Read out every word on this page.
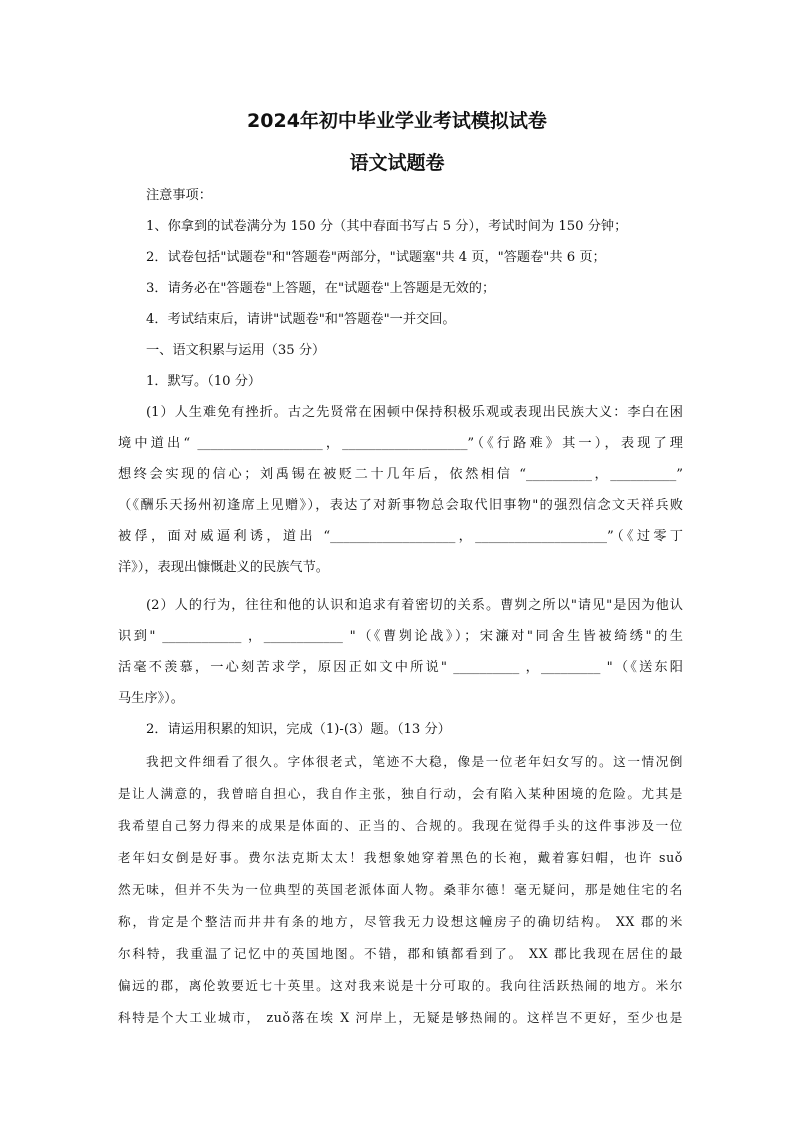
2024年初中毕业学业考试模拟试卷
语文试题卷
注意事项：
1、你拿到的试卷满分为 150 分（其中春面书写占 5 分），考试时间为 150 分钟；
2．试卷包括"试题卷"和"答题卷"两部分，"试题塞"共 4 页，"答题卷"共 6 页；
3．请务必在"答题卷"上答题，在"试题卷"上答题是无效的；
4．考试结束后，请讲"试题卷"和"答题卷"一并交回。
一、语文积累与运用（35 分）
1．默写。（10 分）
(1）人生难免有挫折。古之先贤常在困顿中保持积极乐观或表现出民族大义：李白在困
境中道出“ ___________________，___________________”（《行路难》其一），表现了理
想终会实现的信心；刘禹锡在被贬二十几年后，依然相信 “__________，__________”
（《酬乐天扬州初逢席上见赠》），表达了对新事物总会取代旧事物"的强烈信念文天祥兵败
被俘，面对威逼利诱，道出 “___________________，____________________”（《过零丁
洋》），表现出慷慨赴义的民族气节。
(2）人的行为，往往和他的认识和追求有着密切的关系。曹刿之所以"请见"是因为他认
识到" ____________ ，____________ "（《曹刿论战》）；宋濂对"同舍生皆被绮绣"的生
活毫不羡慕，一心刻苦求学，原因正如文中所说" __________ ，_________ "（《送东阳
马生序》）。
2．请运用积累的知识，完成（1)-(3）题。（13 分）
我把文件细看了很久。字体很老式，笔迹不大稳，像是一位老年妇女写的。这一情况倒
是让人满意的，我曾暗自担心，我自作主张，独自行动，会有陷入某种困境的危险。尤其是
我希望自己努力得来的成果是体面的、正当的、合规的。我现在觉得手头的这件事涉及一位
老年妇女倒是好事。费尔法克斯太太！我想象她穿着黑色的长袍，戴着寡妇帽，也许 suǒ
然无味，但并不失为一位典型的英国老派体面人物。桑菲尔德！毫无疑问，那是她住宅的名
称，肯定是个整洁而井井有条的地方，尽管我无力设想这幢房子的确切结构。 XX 郡的米
尔科特，我重温了记忆中的英国地图。不错，郡和镇都看到了。 XX 郡比我现在居住的最
偏远的郡，离伦敦要近七十英里。这对我来说是十分可取的。我向往活跃热闹的地方。米尔
科特是个大工业城市， zuǒ落在埃 X 河岸上，无疑是够热闹的。这样岂不更好，至少也是
